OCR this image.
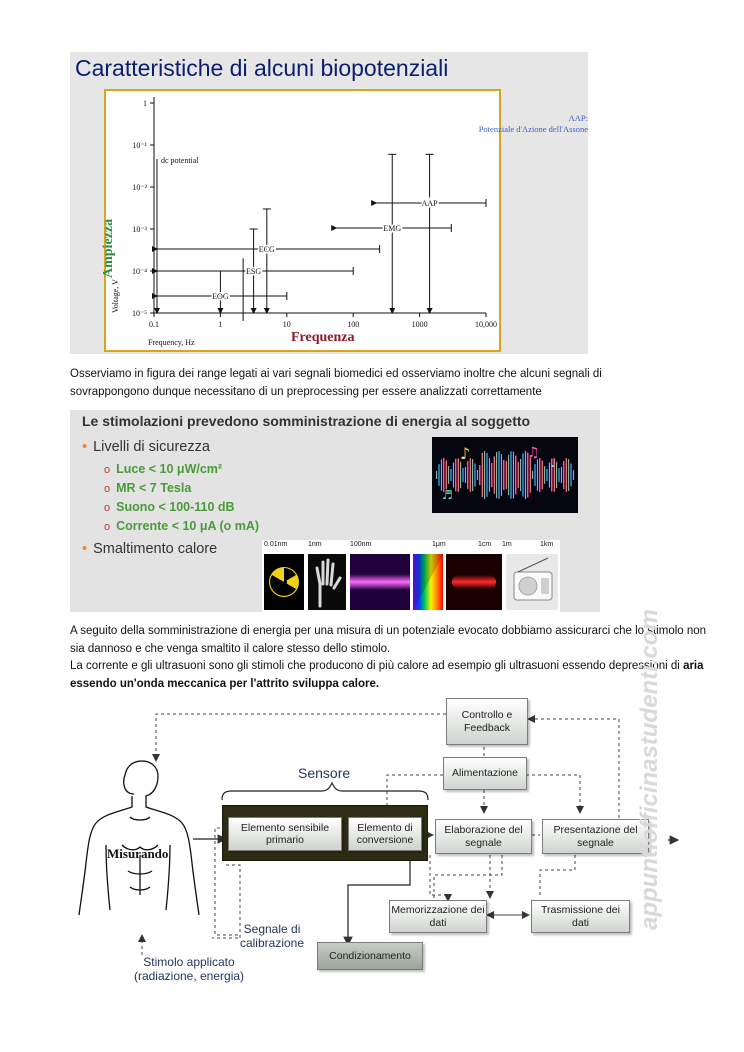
Caratteristiche di alcuni biopotenziali
1
10⁻¹
10⁻²
10⁻³
10⁻⁴
10⁻⁵
0.1	1	10	100	1000	10,000
Frequency, Hz
Voltage, V
dc potential
EOG
ESG
ECG
EMG
AAP
AAP:
Potenziale d'Azione dell'Assone
Ampiezza
Frequenza
Osserviamo in figura dei range legati ai vari segnali biomedici ed osserviamo inoltre che alcuni segnali di sovrappongono dunque necessitano di un preprocessing per essere analizzati correttamente
Le stimolazioni prevedono somministrazione di energia al soggetto
• Livelli di sicurezza
o Luce < 10 μW/cm²
o MR < 7 Tesla
o Suono < 100-110 dB
o Corrente < 10 μA (o mA)
• Smaltimento calore
♪	♫
♩
♬
0.01nm	1nm	100nm	1μm	1cm 1m	1km
A seguito della somministrazione di energia per una misura di un potenziale evocato dobbiamo assicurarci che lo stimolo non sia dannoso e che venga smaltito il calore stesso dello stimolo.
La corrente e gli ultrasuoni sono gli stimoli che producono di più calore ad esempio gli ultrasuoni essendo depressioni di aria essendo un'onda meccanica per l'attrito sviluppa calore.
Sensore
Misurando
Controllo e Feedback
Alimentazione
Elemento sensibile primario
Elemento di conversione
Elaborazione del segnale
Presentazione del segnale
Memorizzazione dei dati
Trasmissione dei dati
Condizionamento
Segnale di calibrazione
Stimolo applicato (radiazione, energia)
appuntiofficinastudenti.com
